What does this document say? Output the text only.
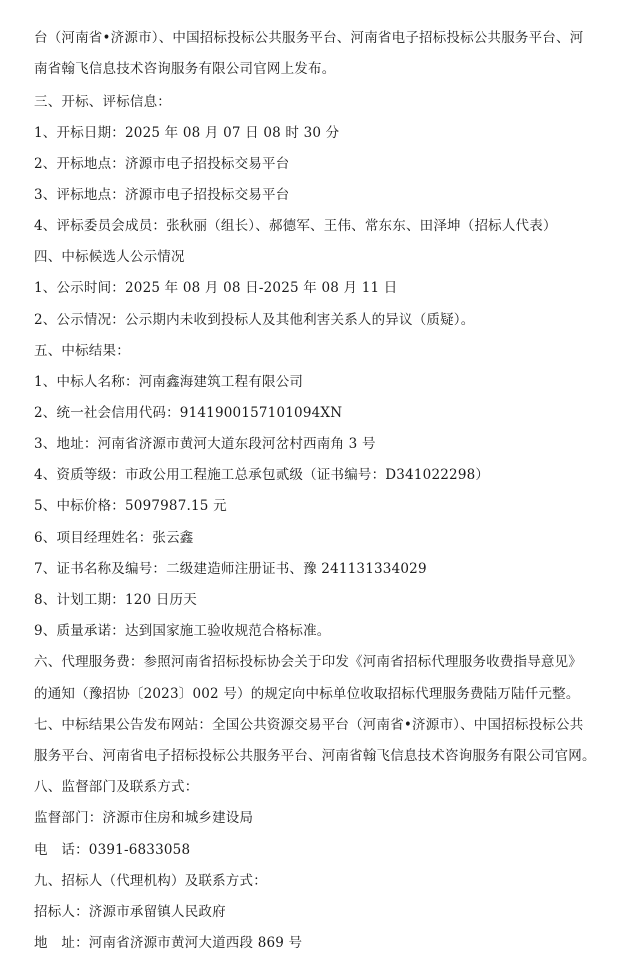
台（河南省•济源市）、中国招标投标公共服务平台、河南省电子招标投标公共服务平台、河
南省翰飞信息技术咨询服务有限公司官网上发布。
三、开标、评标信息：
1、开标日期：2025 年 08 月 07 日 08 时 30 分
2、开标地点：济源市电子招投标交易平台
3、评标地点：济源市电子招投标交易平台
4、评标委员会成员：张秋丽（组长）、郝德军、王伟、常东东、田泽坤（招标人代表）
四、中标候选人公示情况
1、公示时间：2025 年 08 月 08 日-2025 年 08 月 11 日
2、公示情况：公示期内未收到投标人及其他利害关系人的异议（质疑）。
五、中标结果：
1、中标人名称：河南鑫海建筑工程有限公司
2、统一社会信用代码：9141900157101094XN
3、地址：河南省济源市黄河大道东段河岔村西南角 3 号
4、资质等级：市政公用工程施工总承包贰级（证书编号：D341022298）
5、中标价格：5097987.15 元
6、项目经理姓名：张云鑫
7、证书名称及编号：二级建造师注册证书、豫 241131334029
8、计划工期：120 日历天
9、质量承诺：达到国家施工验收规范合格标准。
六、代理服务费：参照河南省招标投标协会关于印发《河南省招标代理服务收费指导意见》
的通知（豫招协〔2023〕002 号）的规定向中标单位收取招标代理服务费陆万陆仟元整。
七、中标结果公告发布网站：全国公共资源交易平台（河南省•济源市）、中国招标投标公共
服务平台、河南省电子招标投标公共服务平台、河南省翰飞信息技术咨询服务有限公司官网。
八、监督部门及联系方式：
监督部门：济源市住房和城乡建设局
电　话：0391-6833058
九、招标人（代理机构）及联系方式：
招标人：济源市承留镇人民政府
地　址：河南省济源市黄河大道西段 869 号
